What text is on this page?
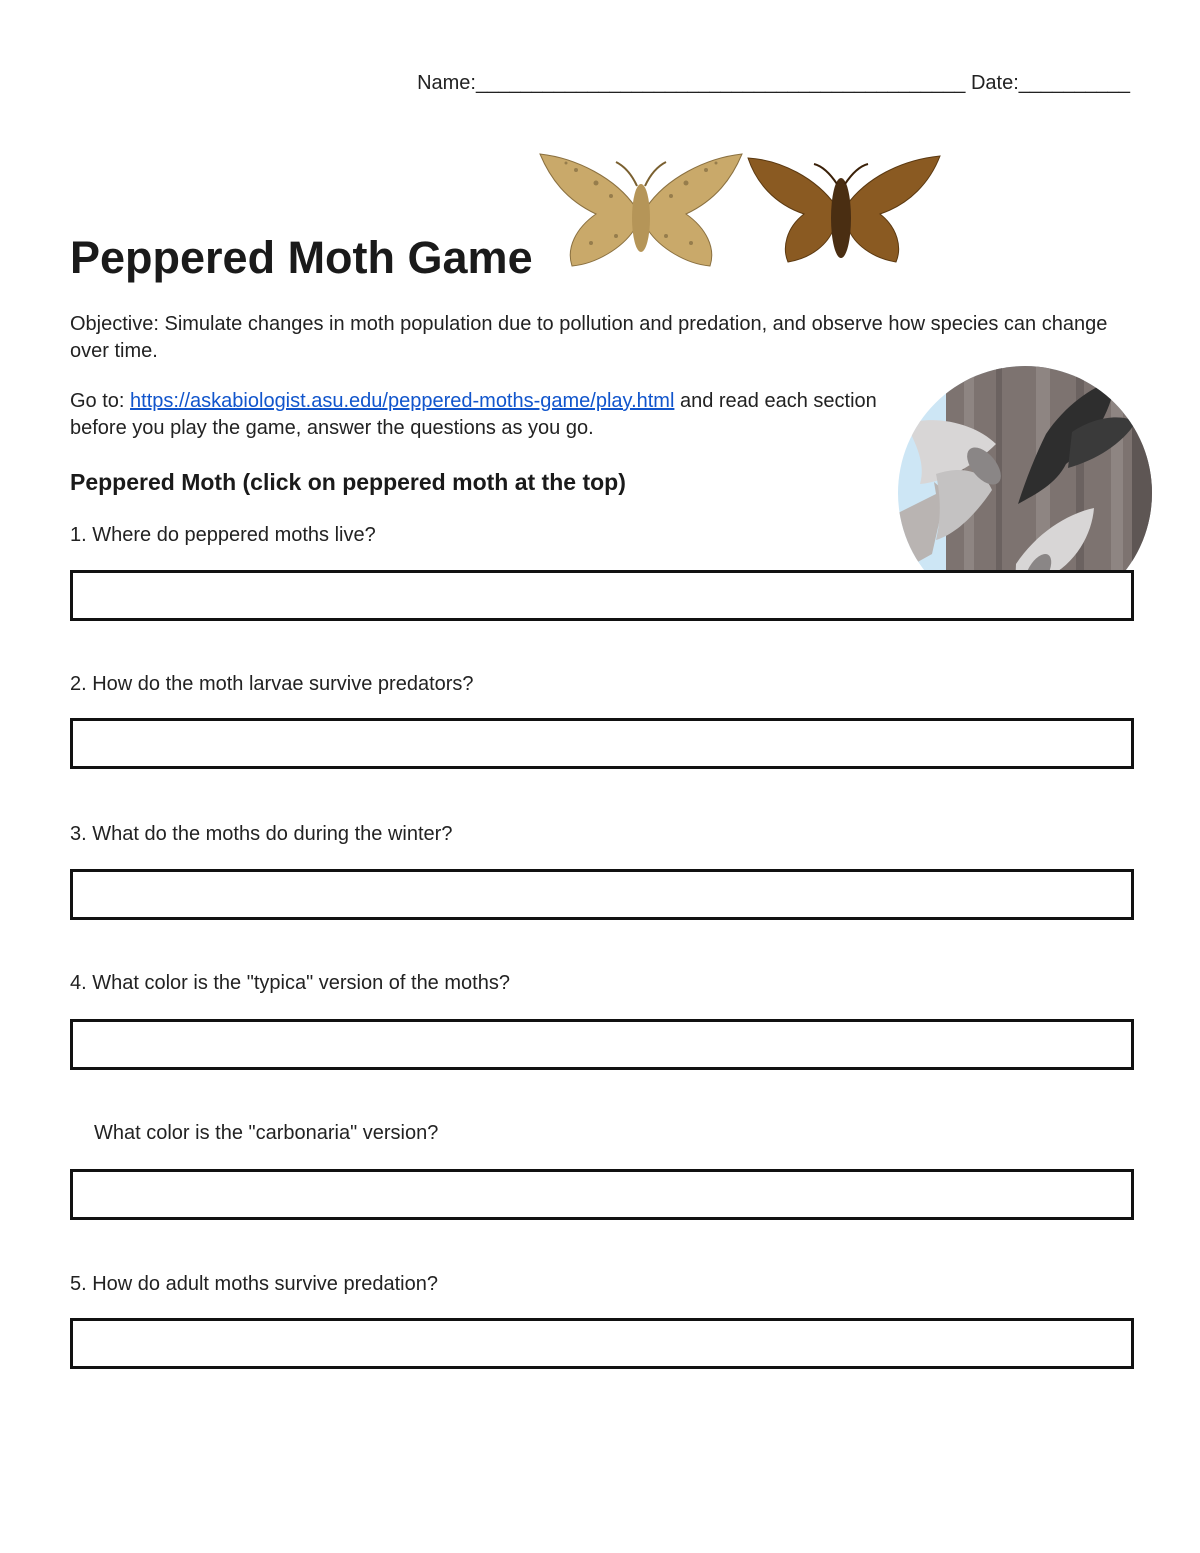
Name:____________________________________________ Date:__________
Peppered Moth Game
Objective: Simulate changes in moth population due to pollution and predation, and observe how species can change over time.
Go to: https://askabiologist.asu.edu/peppered-moths-game/play.html and read each section before you play the game, answer the questions as you go.
Peppered Moth (click on peppered moth at the top)
1. Where do peppered moths live?
2. How do the moth larvae survive predators?
3. What do the moths do during the winter?
4. What color is the "typica" version of the moths?
What color is the "carbonaria" version?
5. How do adult moths survive predation?
